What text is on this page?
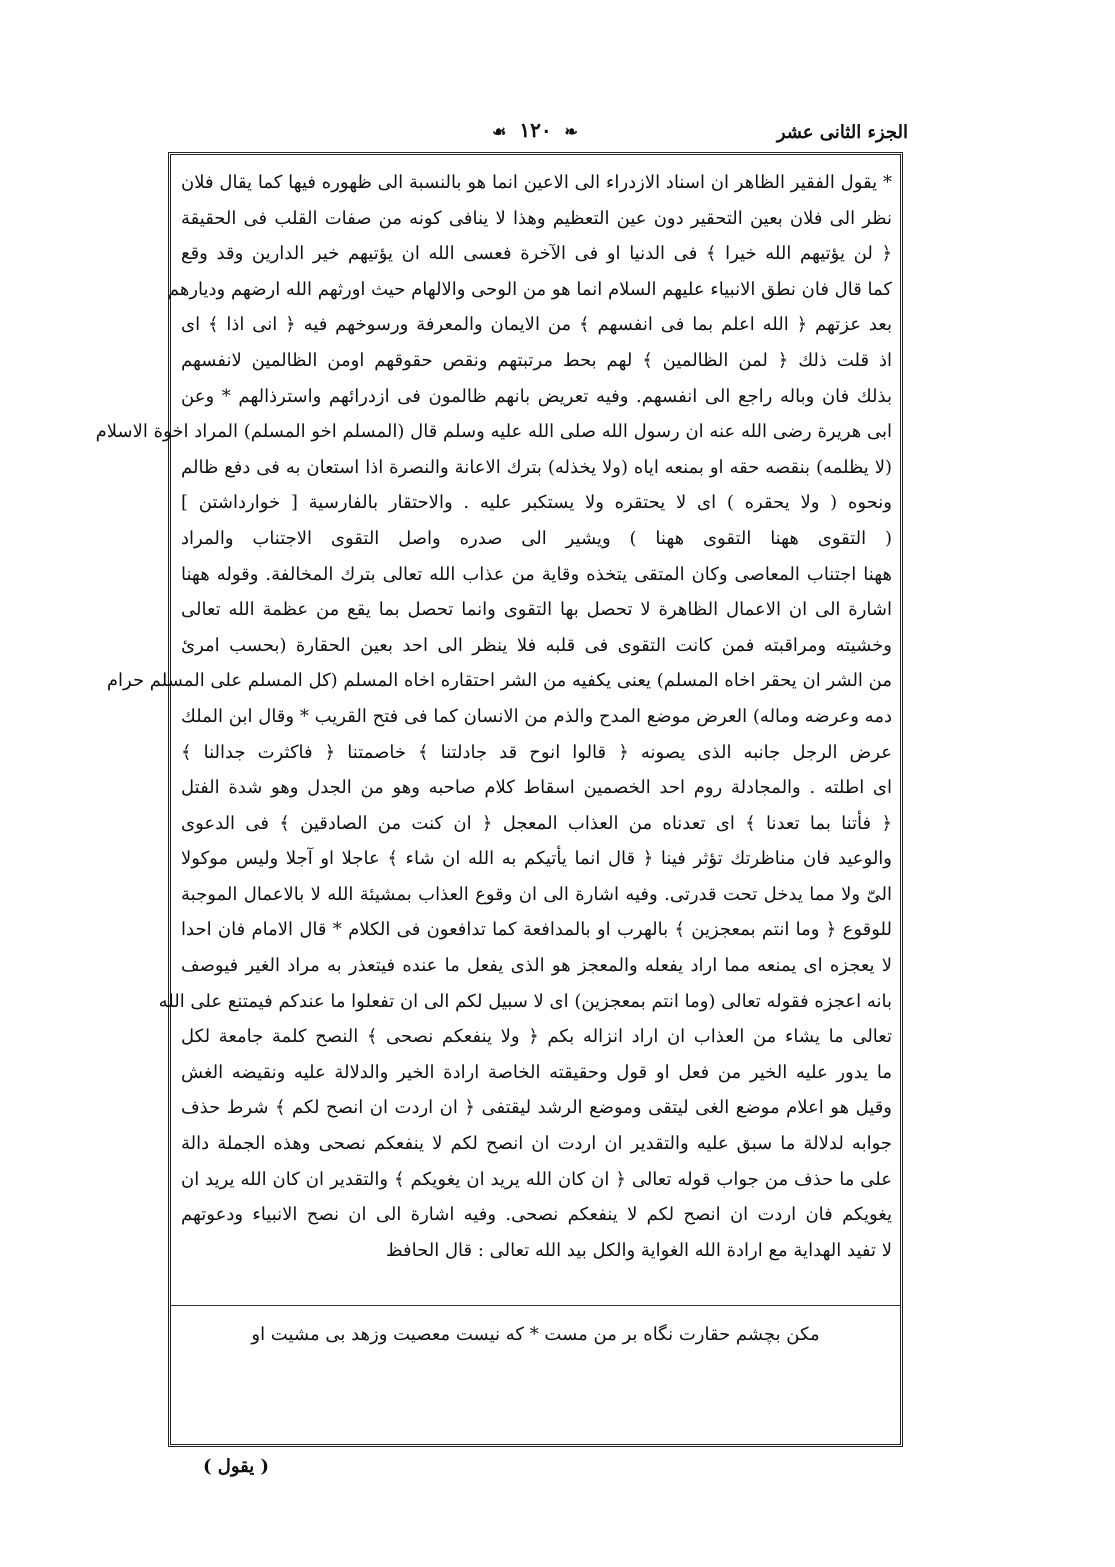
الجزء الثانى عشر
❧ ١٢٠ ☙
* يقول الفقير الظاهر ان اسناد الازدراء الى الاعين انما هو بالنسبة الى ظهوره فيها كما يقال فلان
نظر الى فلان بعين التحقير دون عين التعظيم وهذا لا ينافى كونه من صفات القلب فى الحقيقة
﴿ لن يؤتيهم الله خيرا ﴾ فى الدنيا او فى الآخرة فعسى الله ان يؤتيهم خير الدارين وقد وقع
كما قال فان نطق الانبياء عليهم السلام انما هو من الوحى والالهام حيث اورثهم الله ارضهم وديارهم
بعد عزتهم ﴿ الله اعلم بما فى انفسهم ﴾ من الايمان والمعرفة ورسوخهم فيه ﴿ انى اذا ﴾ اى
اذ قلت ذلك ﴿ لمن الظالمين ﴾ لهم بحط مرتبتهم ونقص حقوقهم اومن الظالمين لانفسهم
بذلك فان وباله راجع الى انفسهم. وفيه تعريض بانهم ظالمون فى ازدرائهم واسترذالهم * وعن
ابى هريرة رضى الله عنه ان رسول الله صلى الله عليه وسلم قال (المسلم اخو المسلم) المراد اخوة الاسلام
(لا يظلمه) بنقصه حقه او بمنعه اياه (ولا يخذله) بترك الاعانة والنصرة اذا استعان به فى دفع ظالم
ونحوه ( ولا يحقره ) اى لا يحتقره ولا يستكبر عليه . والاحتقار بالفارسية [ خوارداشتن ]
( التقوى ههنا التقوى ههنا ) ويشير الى صدره واصل التقوى الاجتناب والمراد
ههنا اجتناب المعاصى وكان المتقى يتخذه وقاية من عذاب الله تعالى بترك المخالفة. وقوله ههنا
اشارة الى ان الاعمال الظاهرة لا تحصل بها التقوى وانما تحصل بما يقع من عظمة الله تعالى
وخشيته ومراقبته فمن كانت التقوى فى قلبه فلا ينظر الى احد بعين الحقارة (بحسب امرئ
من الشر ان يحقر اخاه المسلم) يعنى يكفيه من الشر احتقاره اخاه المسلم (كل المسلم على المسلم حرام
دمه وعرضه وماله) العرض موضع المدح والذم من الانسان كما فى فتح القريب * وقال ابن الملك
عرض الرجل جانبه الذى يصونه ﴿ قالوا انوح قد جادلتنا ﴾ خاصمتنا ﴿ فاكثرت جدالنا ﴾
اى اطلته . والمجادلة روم احد الخصمين اسقاط كلام صاحبه وهو من الجدل وهو شدة الفتل
﴿ فأتنا بما تعدنا ﴾ اى تعدناه من العذاب المعجل ﴿ ان كنت من الصادقين ﴾ فى الدعوى
والوعيد فان مناظرتك تؤثر فينا ﴿ قال انما يأتيكم به الله ان شاء ﴾ عاجلا او آجلا وليس موكولا
الىّ ولا مما يدخل تحت قدرتى. وفيه اشارة الى ان وقوع العذاب بمشيئة الله لا بالاعمال الموجبة
للوقوع ﴿ وما انتم بمعجزين ﴾ بالهرب او بالمدافعة كما تدافعون فى الكلام * قال الامام فان احدا
لا يعجزه اى يمنعه مما اراد يفعله والمعجز هو الذى يفعل ما عنده فيتعذر به مراد الغير فيوصف
بانه اعجزه فقوله تعالى (وما انتم بمعجزين) اى لا سبيل لكم الى ان تفعلوا ما عندكم فيمتنع على الله
تعالى ما يشاء من العذاب ان اراد انزاله بكم ﴿ ولا ينفعكم نصحى ﴾ النصح كلمة جامعة لكل
ما يدور عليه الخير من فعل او قول وحقيقته الخاصة ارادة الخير والدلالة عليه ونقيضه الغش
وقيل هو اعلام موضع الغى ليتقى وموضع الرشد ليقتفى ﴿ ان اردت ان انصح لكم ﴾ شرط حذف
جوابه لدلالة ما سبق عليه والتقدير ان اردت ان انصح لكم لا ينفعكم نصحى وهذه الجملة دالة
على ما حذف من جواب قوله تعالى ﴿ ان كان الله يريد ان يغويكم ﴾ والتقدير ان كان الله يريد ان
يغويكم فان اردت ان انصح لكم لا ينفعكم نصحى. وفيه اشارة الى ان نصح الانبياء ودعوتهم
لا تفيد الهداية مع ارادة الله الغواية والكل بيد الله تعالى : قال الحافظ
مكن بچشم حقارت نگاه بر من مست * كه نيست معصيت وزهد بى مشيت او
( يقول )
